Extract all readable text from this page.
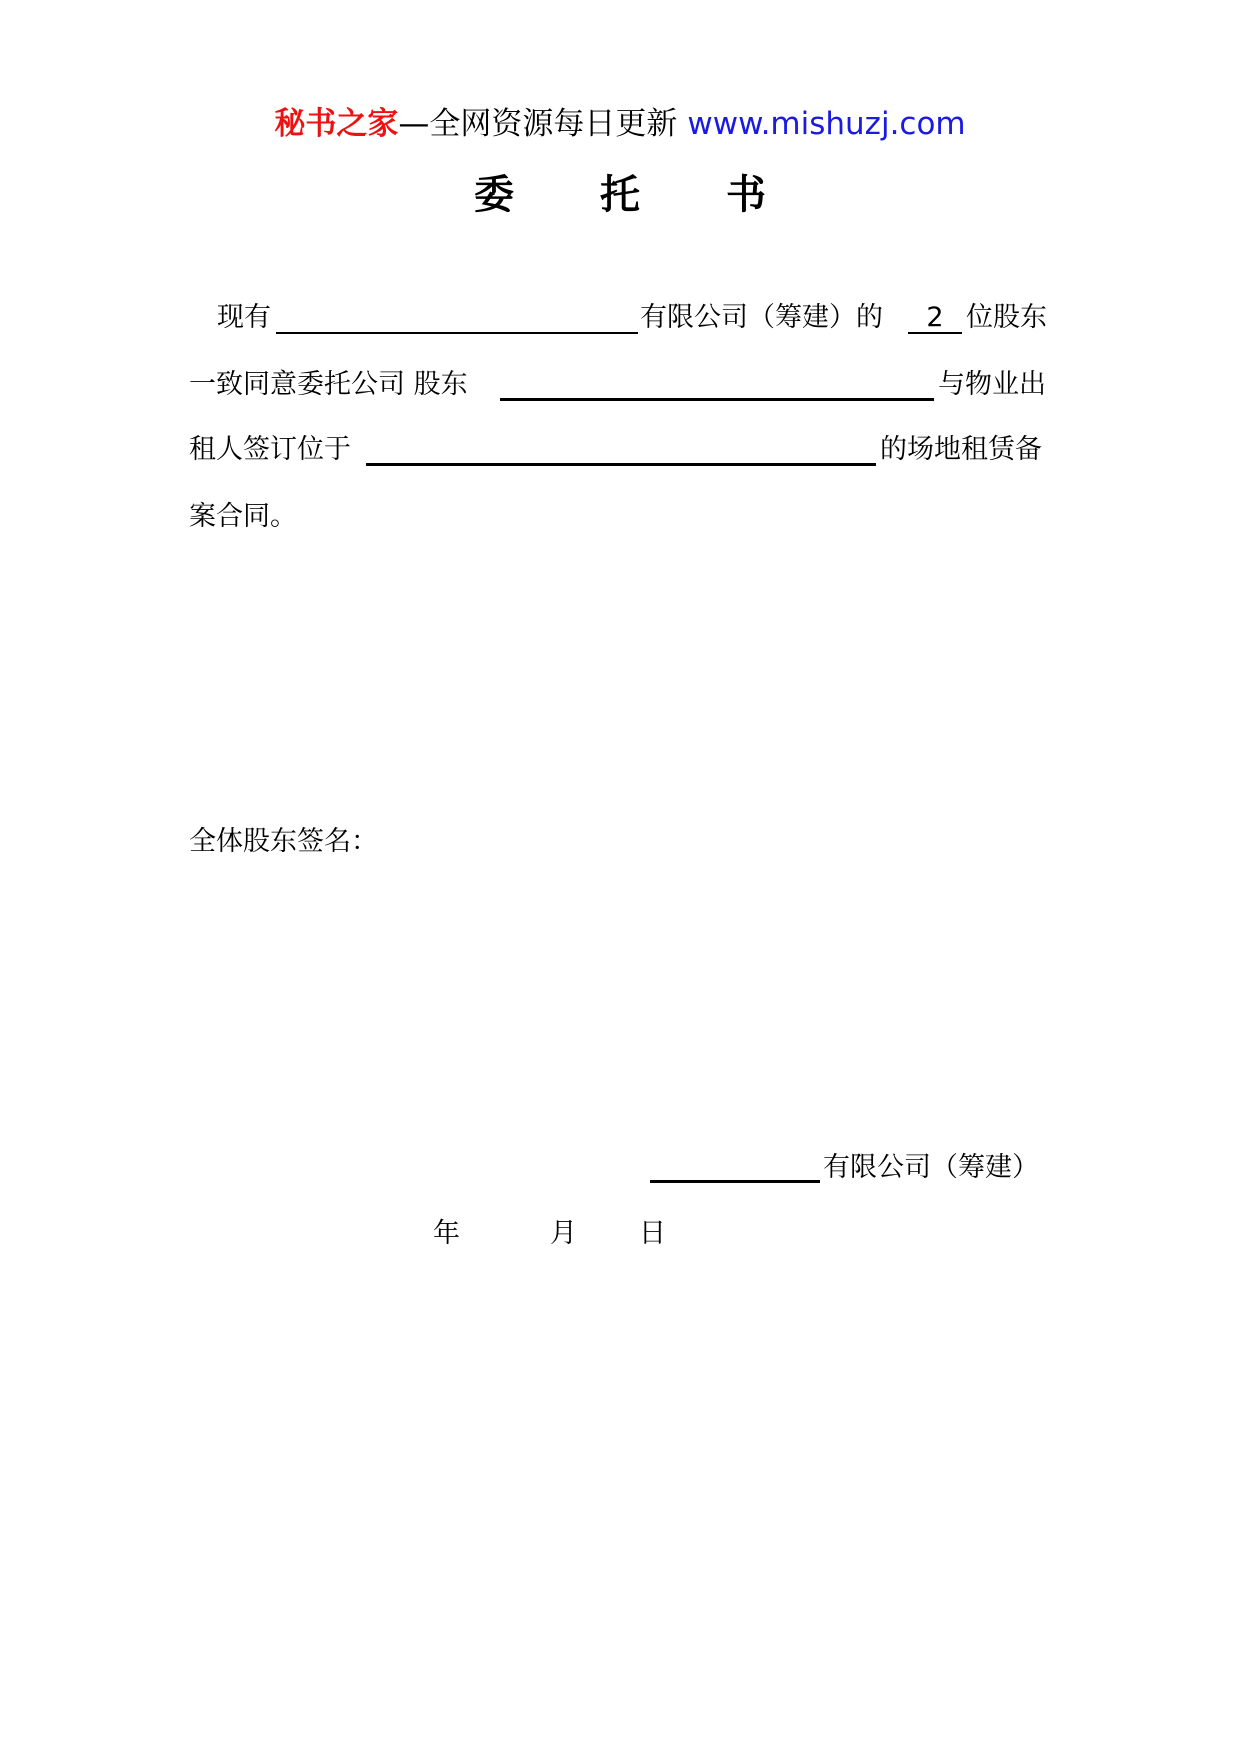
秘书之家—全网资源每日更新 www.mishuzj.com
委 托 书
现有	有限公司（筹建）的	2 位股东
一致同意委托公司 股东	与物业出
租人签订位于	的场地租赁备
案合同。
全体股东签名：
有限公司（筹建）
年	月 日
